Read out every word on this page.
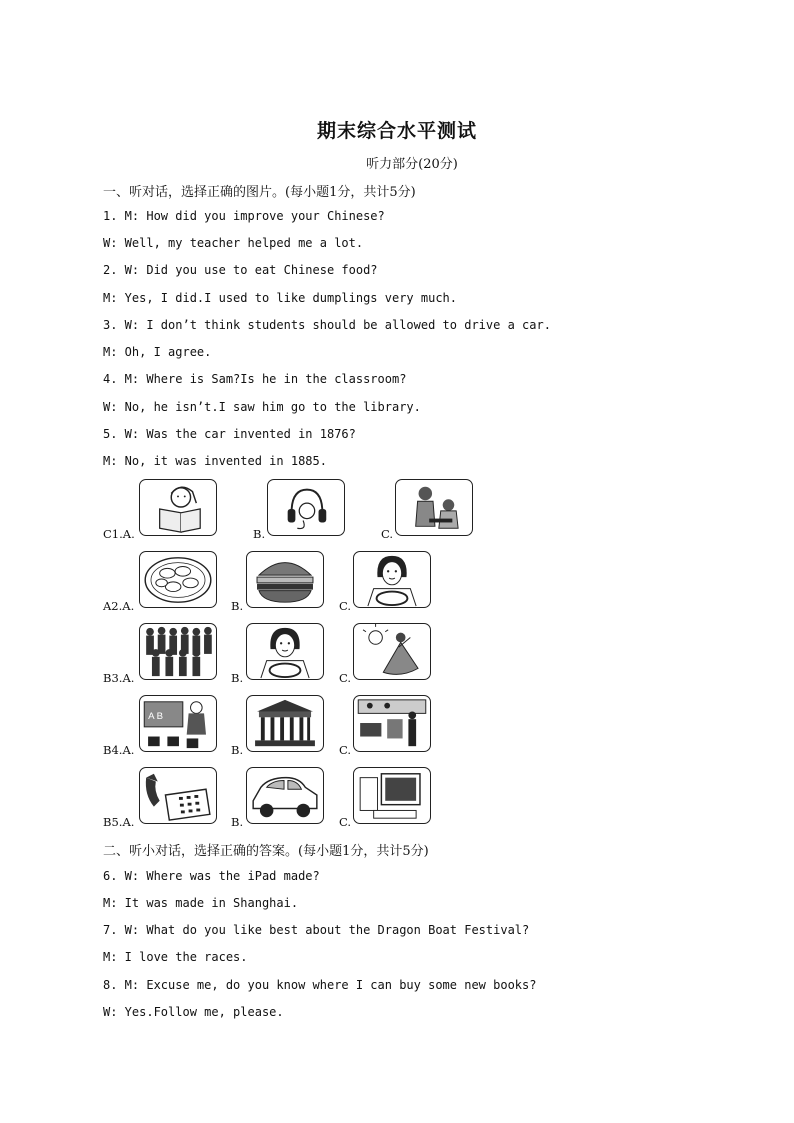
期末综合水平测试
听力部分(20分)
一、听对话，选择正确的图片。(每小题1分，共计5分)
1. M: How did you improve your Chinese?
W: Well, my teacher helped me a lot.
2. W: Did you use to eat Chinese food?
M: Yes, I did.I used to like dumplings very much.
3. W: I don’t think students should be allowed to drive a car.
M: Oh, I agree.
4. M: Where is Sam?Is he in the classroom?
W: No, he isn’t.I saw him go to the library.
5. W: Was the car invented in 1876?
M: No, it was invented in 1885.
C1.A.	B.	C.
A2.A.	B.	C.
B3.A.	B.	C.
B4.A.
A B
B.	C.
B5.A.	B.	C.
二、听小对话，选择正确的答案。(每小题1分，共计5分)
6. W: Where was the iPad made?
M: It was made in Shanghai.
7. W: What do you like best about the Dragon Boat Festival?
M: I love the races.
8. M: Excuse me, do you know where I can buy some new books?
W: Yes.Follow me, please.
